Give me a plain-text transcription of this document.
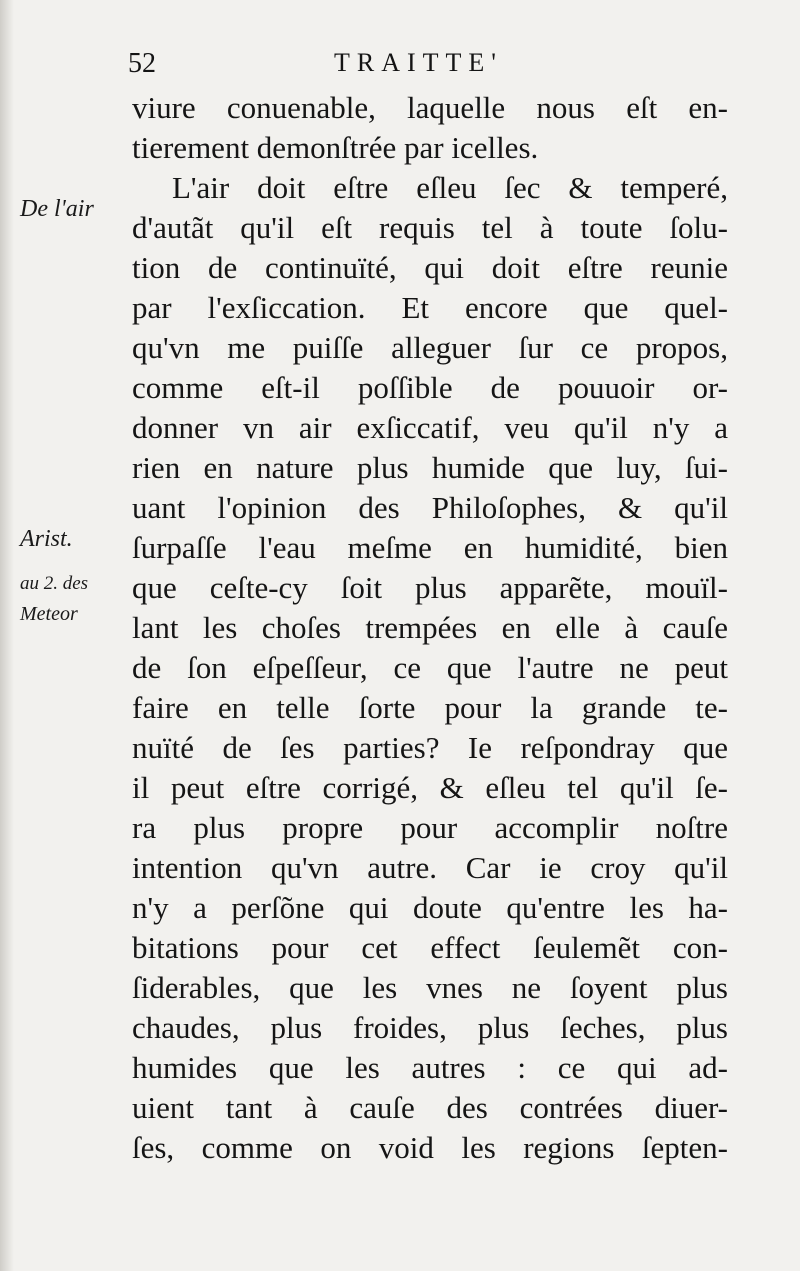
52	TRAITTE'
De l'air
Arist.
au 2. des
Meteor
viure conuenable, laquelle nous eſt en-
tierement demonſtrée par icelles.
L'air doit eſtre eſleu ſec & temperé,
d'autãt qu'il eſt requis tel à toute ſolu-
tion de continuïté, qui doit eſtre reunie
par l'exſiccation. Et encore que quel-
qu'vn me puiſſe alleguer ſur ce propos,
comme eſt-il poſſible de pouuoir or-
donner vn air exſiccatif, veu qu'il n'y a
rien en nature plus humide que luy, ſui-
uant l'opinion des Philoſophes, & qu'il
ſurpaſſe l'eau meſme en humidité, bien
que ceſte-cy ſoit plus apparẽte, mouïl-
lant les choſes trempées en elle à cauſe
de ſon eſpeſſeur, ce que l'autre ne peut
faire en telle ſorte pour la grande te-
nuïté de ſes parties? Ie reſpondray que
il peut eſtre corrigé, & eſleu tel qu'il ſe-
ra plus propre pour accomplir noſtre
intention qu'vn autre. Car ie croy qu'il
n'y a perſõne qui doute qu'entre les ha-
bitations pour cet effect ſeulemẽt con-
ſiderables, que les vnes ne ſoyent plus
chaudes, plus froides, plus ſeches, plus
humides que les autres : ce qui ad-
uient tant à cauſe des contrées diuer-
ſes, comme on void les regions ſepten-
